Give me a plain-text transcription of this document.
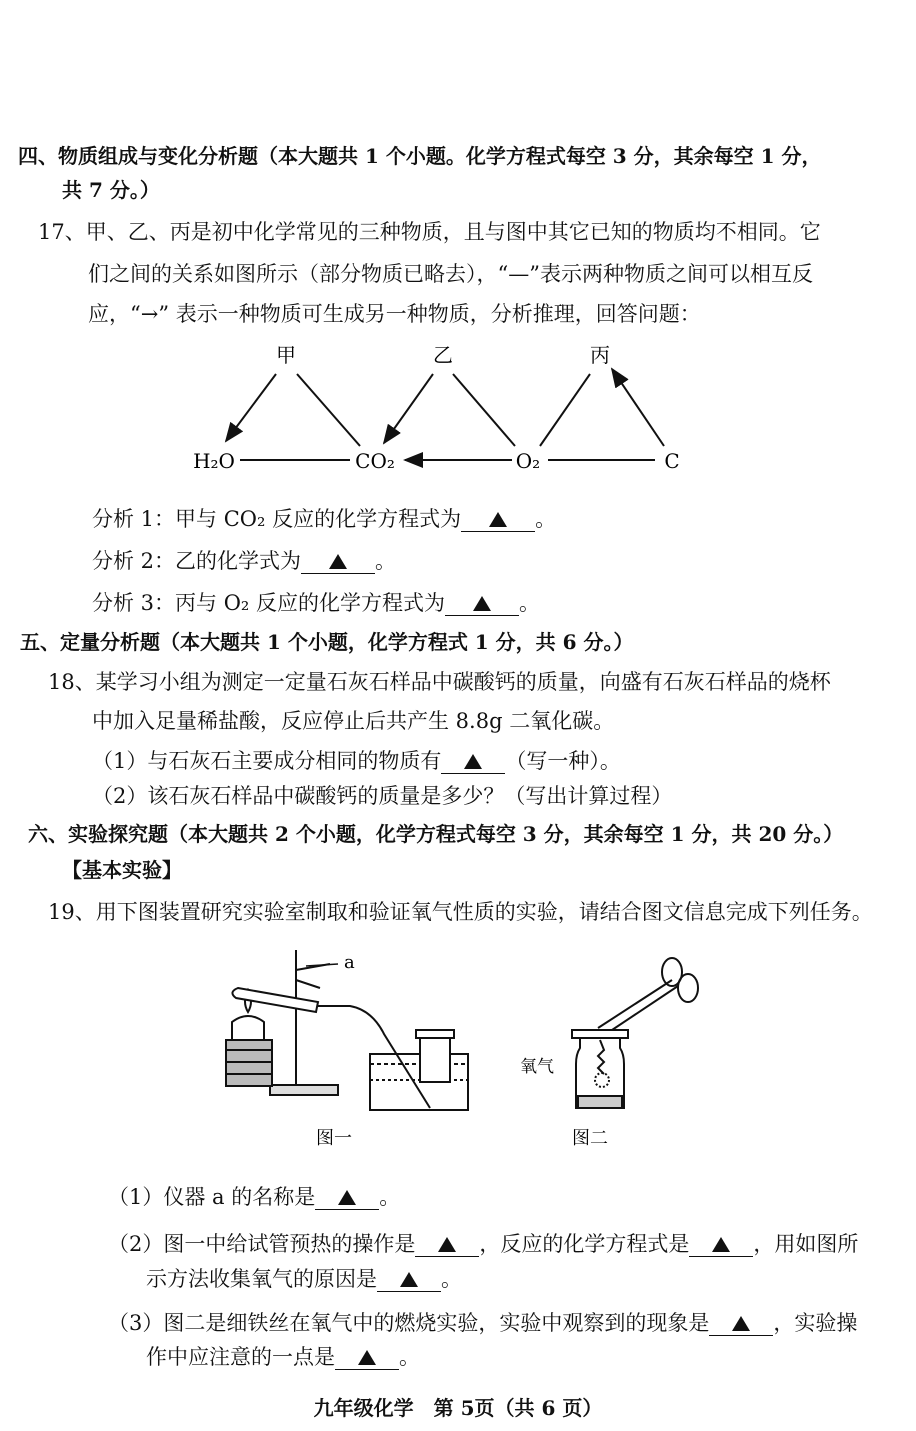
四、物质组成与变化分析题（本大题共 1 个小题。化学方程式每空 3 分，其余每空 1 分，
共 7 分。）
17、甲、乙、丙是初中化学常见的三种物质，且与图中其它已知的物质均不相同。它
们之间的关系如图所示（部分物质已略去），“—”表示两种物质之间可以相互反
应，“→” 表示一种物质可生成另一种物质，分析推理，回答问题：
甲	乙	丙
H₂O	CO₂	O₂	C
分析 1：甲与 CO₂ 反应的化学方程式为	。
分析 2：乙的化学式为	。
分析 3：丙与 O₂ 反应的化学方程式为	。
五、定量分析题（本大题共 1 个小题，化学方程式 1 分，共 6 分。）
18、某学习小组为测定一定量石灰石样品中碳酸钙的质量，向盛有石灰石样品的烧杯
中加入足量稀盐酸，反应停止后共产生 8.8g 二氧化碳。
（1）与石灰石主要成分相同的物质有	（写一种）。
（2）该石灰石样品中碳酸钙的质量是多少？（写出计算过程）
六、实验探究题（本大题共 2 个小题，化学方程式每空 3 分，其余每空 1 分，共 20 分。）
【基本实验】
19、用下图装置研究实验室制取和验证氧气性质的实验，请结合图文信息完成下列任务。
a
图一
氧气
图二
（1）仪器 a 的名称是	。
（2）图一中给试管预热的操作是	，反应的化学方程式是	，用如图所
示方法收集氧气的原因是	。
（3）图二是细铁丝在氧气中的燃烧实验，实验中观察到的现象是	，实验操
作中应注意的一点是	。
九年级化学　第 5页（共 6 页）
